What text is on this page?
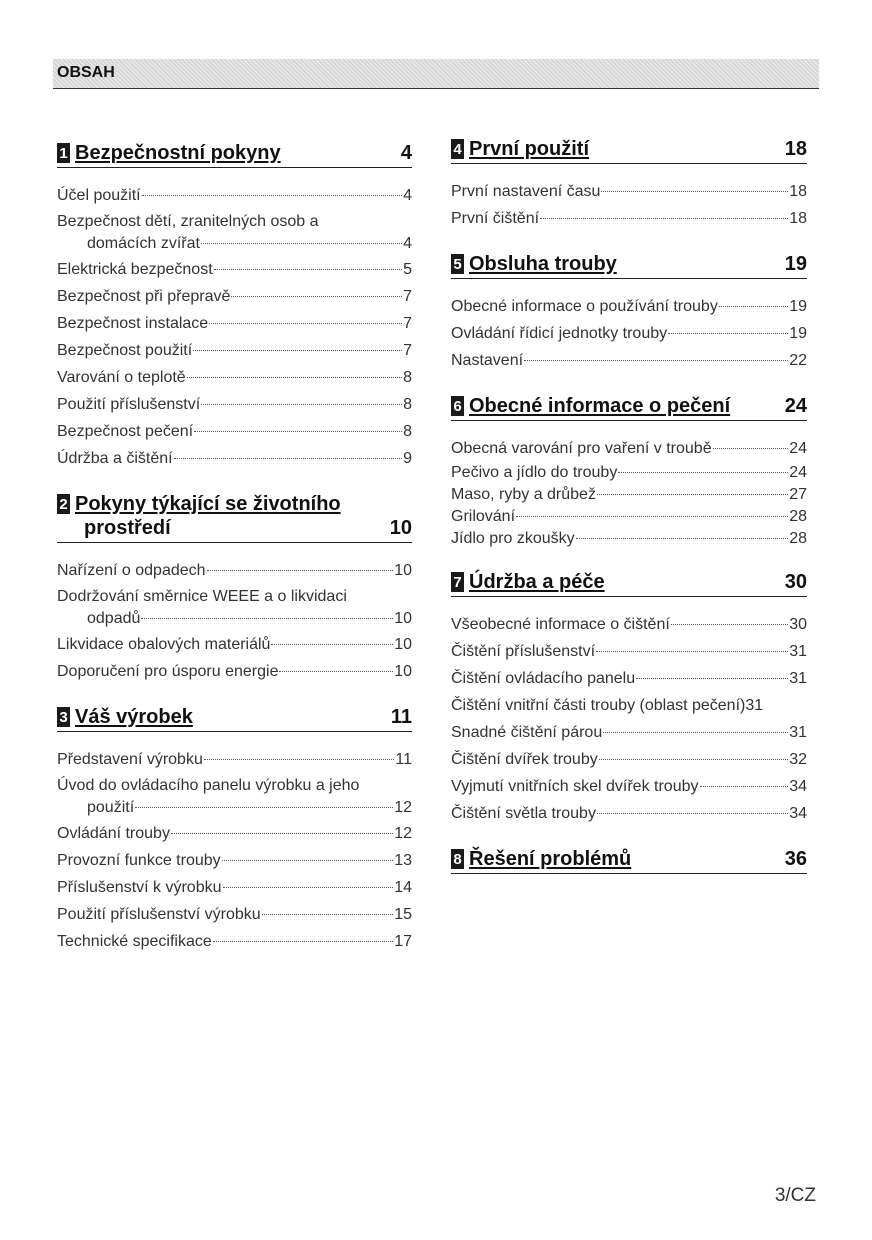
OBSAH
1 Bezpečnostní pokyny	4
Účel použití	4
Bezpečnost dětí, zranitelných osob a
domácích zvířat	4
Elektrická bezpečnost	5
Bezpečnost při přepravě	7
Bezpečnost instalace	7
Bezpečnost použití	7
Varování o teplotě	8
Použití příslušenství	8
Bezpečnost pečení	8
Údržba a čištění	9
2 Pokyny týkající se životního
prostředí	10
Nařízení o odpadech	10
Dodržování směrnice WEEE a o likvidaci
odpadů	10
Likvidace obalových materiálů	10
Doporučení pro úsporu energie	10
3 Váš výrobek	11
Představení výrobku	11
Úvod do ovládacího panelu výrobku a jeho
použití	12
Ovládání trouby	12
Provozní funkce trouby	13
Příslušenství k výrobku	14
Použití příslušenství výrobku	15
Technické specifikace	17
4 První použití	18
První nastavení času	18
První čištění	18
5 Obsluha trouby	19
Obecné informace o používání trouby	19
Ovládání řídicí jednotky trouby	19
Nastavení	22
6 Obecné informace o pečení	24
Obecná varování pro vaření v troubě	24
Pečivo a jídlo do trouby	24
Maso, ryby a drůbež	27
Grilování	28
Jídlo pro zkoušky	28
7 Údržba a péče	30
Všeobecné informace o čištění	30
Čištění příslušenství	31
Čištění ovládacího panelu	31
Čištění vnitřní části trouby (oblast pečení) 31
Snadné čištění párou	31
Čištění dvířek trouby	32
Vyjmutí vnitřních skel dvířek trouby	34
Čištění světla trouby	34
8 Řešení problémů	36
3/CZ
